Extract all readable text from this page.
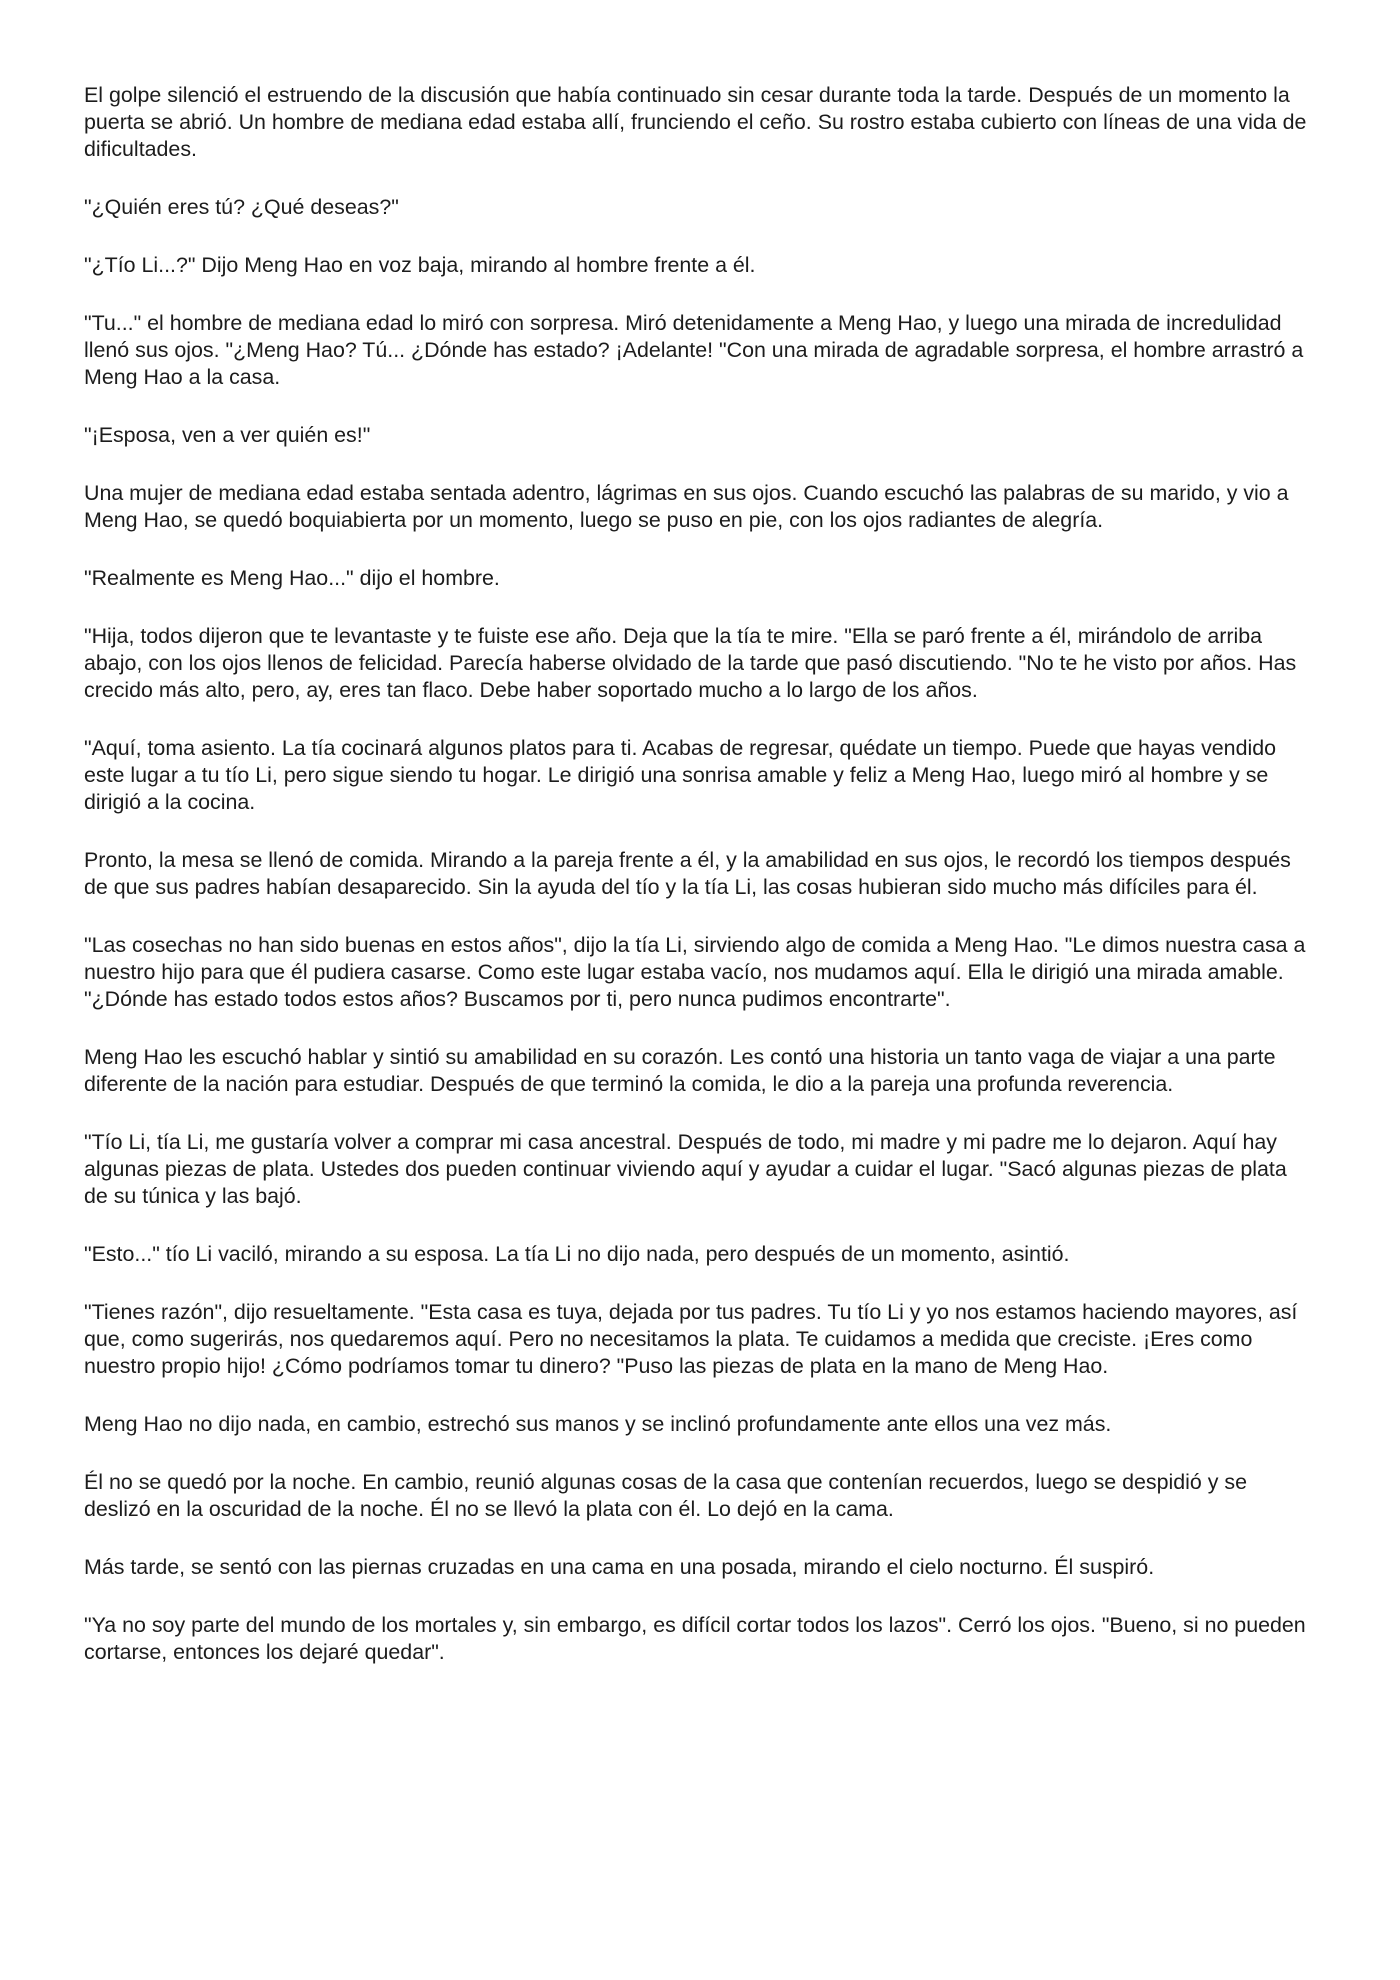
El golpe silenció el estruendo de la discusión que había continuado sin cesar durante toda la tarde. Después de un momento la puerta se abrió. Un hombre de mediana edad estaba allí, frunciendo el ceño. Su rostro estaba cubierto con líneas de una vida de dificultades.

"¿Quién eres tú? ¿Qué deseas?"

"¿Tío Li...?" Dijo Meng Hao en voz baja, mirando al hombre frente a él.

"Tu..." el hombre de mediana edad lo miró con sorpresa. Miró detenidamente a Meng Hao, y luego una mirada de incredulidad llenó sus ojos. "¿Meng Hao? Tú... ¿Dónde has estado? ¡Adelante! "Con una mirada de agradable sorpresa, el hombre arrastró a Meng Hao a la casa.

"¡Esposa, ven a ver quién es!"

Una mujer de mediana edad estaba sentada adentro, lágrimas en sus ojos. Cuando escuchó las palabras de su marido, y vio a Meng Hao, se quedó boquiabierta por un momento, luego se puso en pie, con los ojos radiantes de alegría.

"Realmente es Meng Hao..." dijo el hombre.

"Hija, todos dijeron que te levantaste y te fuiste ese año. Deja que la tía te mire. "Ella se paró frente a él, mirándolo de arriba abajo, con los ojos llenos de felicidad. Parecía haberse olvidado de la tarde que pasó discutiendo. "No te he visto por años. Has crecido más alto, pero, ay, eres tan flaco. Debe haber soportado mucho a lo largo de los años.

"Aquí, toma asiento. La tía cocinará algunos platos para ti. Acabas de regresar, quédate un tiempo. Puede que hayas vendido este lugar a tu tío Li, pero sigue siendo tu hogar. Le dirigió una sonrisa amable y feliz a Meng Hao, luego miró al hombre y se dirigió a la cocina.

Pronto, la mesa se llenó de comida. Mirando a la pareja frente a él, y la amabilidad en sus ojos, le recordó los tiempos después de que sus padres habían desaparecido. Sin la ayuda del tío y la tía Li, las cosas hubieran sido mucho más difíciles para él.

"Las cosechas no han sido buenas en estos años", dijo la tía Li, sirviendo algo de comida a Meng Hao. "Le dimos nuestra casa a nuestro hijo para que él pudiera casarse. Como este lugar estaba vacío, nos mudamos aquí. Ella le dirigió una mirada amable. "¿Dónde has estado todos estos años? Buscamos por ti, pero nunca pudimos encontrarte".

Meng Hao les escuchó hablar y sintió su amabilidad en su corazón. Les contó una historia un tanto vaga de viajar a una parte diferente de la nación para estudiar. Después de que terminó la comida, le dio a la pareja una profunda reverencia.

"Tío Li, tía Li, me gustaría volver a comprar mi casa ancestral. Después de todo, mi madre y mi padre me lo dejaron. Aquí hay algunas piezas de plata. Ustedes dos pueden continuar viviendo aquí y ayudar a cuidar el lugar. "Sacó algunas piezas de plata de su túnica y las bajó.

"Esto..." tío Li vaciló, mirando a su esposa. La tía Li no dijo nada, pero después de un momento, asintió.

"Tienes razón", dijo resueltamente. "Esta casa es tuya, dejada por tus padres. Tu tío Li y yo nos estamos haciendo mayores, así que, como sugerirás, nos quedaremos aquí. Pero no necesitamos la plata. Te cuidamos a medida que creciste. ¡Eres como nuestro propio hijo! ¿Cómo podríamos tomar tu dinero? "Puso las piezas de plata en la mano de Meng Hao.

Meng Hao no dijo nada, en cambio, estrechó sus manos y se inclinó profundamente ante ellos una vez más.

Él no se quedó por la noche. En cambio, reunió algunas cosas de la casa que contenían recuerdos, luego se despidió y se deslizó en la oscuridad de la noche. Él no se llevó la plata con él. Lo dejó en la cama.

Más tarde, se sentó con las piernas cruzadas en una cama en una posada, mirando el cielo nocturno. Él suspiró.

"Ya no soy parte del mundo de los mortales y, sin embargo, es difícil cortar todos los lazos". Cerró los ojos. "Bueno, si no pueden cortarse, entonces los dejaré quedar".
